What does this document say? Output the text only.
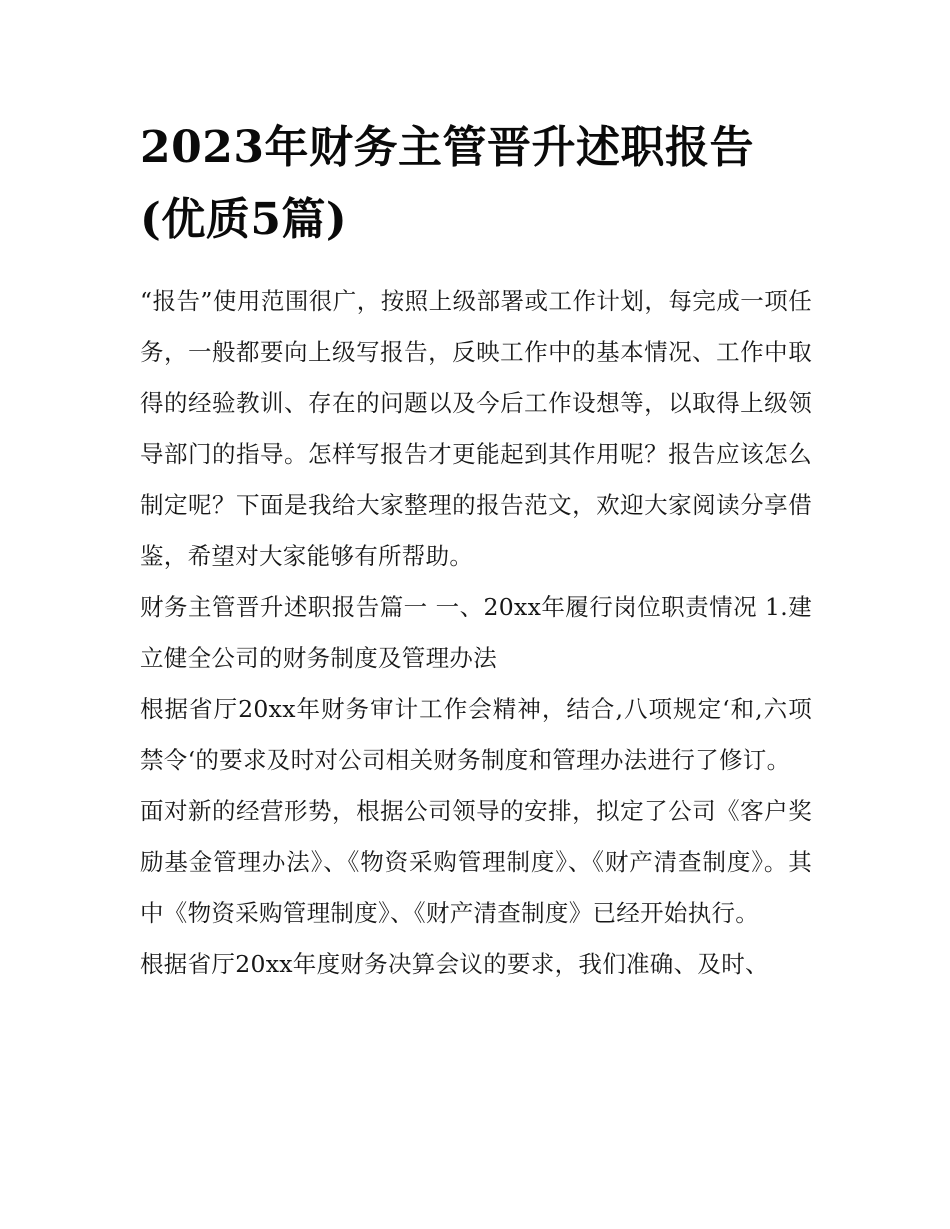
2023年财务主管晋升述职报告(优质5篇)

“报告”使用范围很广，按照上级部署或工作计划，每完成一项任务，一般都要向上级写报告，反映工作中的基本情况、工作中取得的经验教训、存在的问题以及今后工作设想等，以取得上级领导部门的指导。怎样写报告才更能起到其作用呢？报告应该怎么制定呢？下面是我给大家整理的报告范文，欢迎大家阅读分享借鉴，希望对大家能够有所帮助。

财务主管晋升述职报告篇一 一、20xx年履行岗位职责情况 1.建立健全公司的财务制度及管理办法

根据省厅20xx年财务审计工作会精神，结合,八项规定‘和,六项禁令‘的要求及时对公司相关财务制度和管理办法进行了修订。

面对新的经营形势，根据公司领导的安排，拟定了公司《客户奖励基金管理办法》、《物资采购管理制度》、《财产清查制度》。其中《物资采购管理制度》、《财产清查制度》已经开始执行。

根据省厅20xx年度财务决算会议的要求，我们准确、及时、
